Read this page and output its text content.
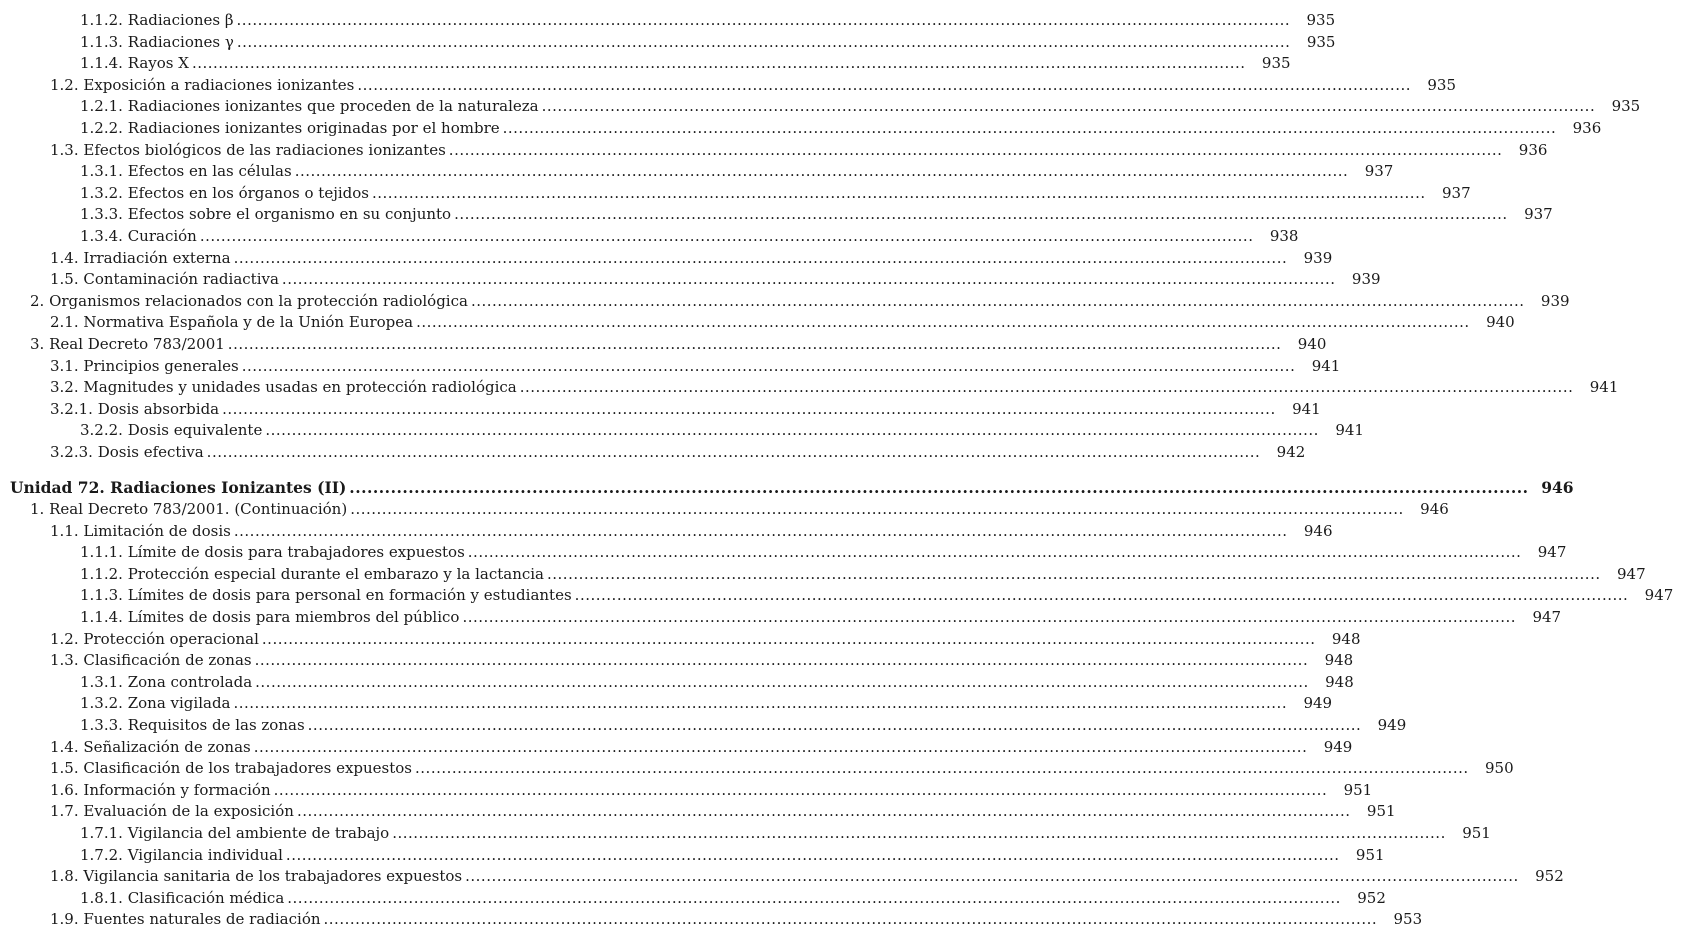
1.1.2. Radiaciones β .....	935
1.1.3. Radiaciones γ .....	935
1.1.4. Rayos X .....	935
1.2. Exposición a radiaciones ionizantes .....	935
1.2.1. Radiaciones ionizantes que proceden de la naturaleza .....	935
1.2.2. Radiaciones ionizantes originadas por el hombre .....	936
1.3. Efectos biológicos de las radiaciones ionizantes .....	936
1.3.1. Efectos en las células .....	937
1.3.2. Efectos en los órganos o tejidos .....	937
1.3.3. Efectos sobre el organismo en su conjunto .....	937
1.3.4. Curación .....	938
1.4. Irradiación externa .....	939
1.5. Contaminación radiactiva .....	939
2. Organismos relacionados con la protección radiológica .....	939
2.1. Normativa Española y de la Unión Europea .....	940
3. Real Decreto 783/2001 .....	940
3.1. Principios generales .....	941
3.2. Magnitudes y unidades usadas en protección radiológica .....	941
3.2.1. Dosis absorbida .....	941
3.2.2. Dosis equivalente .....	941
3.2.3. Dosis efectiva .....	942
Unidad 72. Radiaciones Ionizantes (II) .....	946
1. Real Decreto 783/2001. (Continuación) .....	946
1.1. Limitación de dosis .....	946
1.1.1. Límite de dosis para trabajadores expuestos .....	947
1.1.2. Protección especial durante el embarazo y la lactancia .....	947
1.1.3. Límites de dosis para personal en formación y estudiantes .....	947
1.1.4. Límites de dosis para miembros del público .....	947
1.2. Protección operacional .....	948
1.3. Clasificación de zonas .....	948
1.3.1. Zona controlada .....	948
1.3.2. Zona vigilada .....	949
1.3.3. Requisitos de las zonas .....	949
1.4. Señalización de zonas .....	949
1.5. Clasificación de los trabajadores expuestos .....	950
1.6. Información y formación .....	951
1.7. Evaluación de la exposición .....	951
1.7.1. Vigilancia del ambiente de trabajo .....	951
1.7.2. Vigilancia individual .....	951
1.8. Vigilancia sanitaria de los trabajadores expuestos .....	952
1.8.1. Clasificación médica .....	952
1.9. Fuentes naturales de radiación .....	953
